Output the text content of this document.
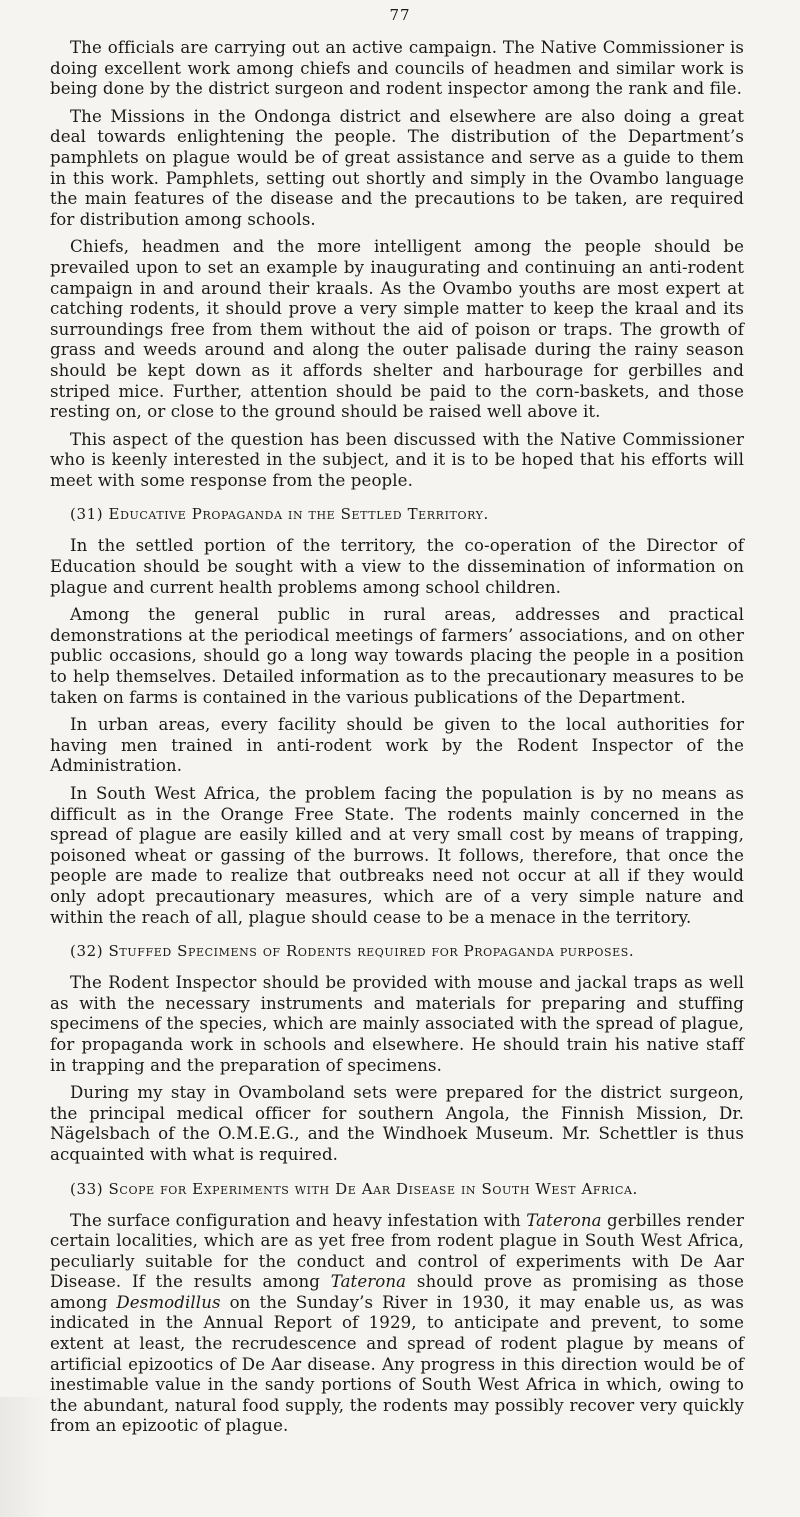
77

The officials are carrying out an active campaign. The Native Commissioner is doing excellent work among chiefs and councils of headmen and similar work is being done by the district surgeon and rodent inspector among the rank and file.

The Missions in the Ondonga district and elsewhere are also doing a great deal towards enlightening the people. The distribution of the Department’s pamphlets on plague would be of great assistance and serve as a guide to them in this work. Pamphlets, setting out shortly and simply in the Ovambo language the main features of the disease and the precautions to be taken, are required for distribution among schools.

Chiefs, headmen and the more intelligent among the people should be prevailed upon to set an example by inaugurating and continuing an anti-rodent campaign in and around their kraals. As the Ovambo youths are most expert at catching rodents, it should prove a very simple matter to keep the kraal and its surroundings free from them without the aid of poison or traps. The growth of grass and weeds around and along the outer palisade during the rainy season should be kept down as it affords shelter and harbourage for gerbilles and striped mice. Further, attention should be paid to the corn-baskets, and those resting on, or close to the ground should be raised well above it.

This aspect of the question has been discussed with the Native Commissioner who is keenly interested in the subject, and it is to be hoped that his efforts will meet with some response from the people.

(31) Educative Propaganda in the Settled Territory.

In the settled portion of the territory, the co-operation of the Director of Education should be sought with a view to the dissemination of information on plague and current health problems among school children.

Among the general public in rural areas, addresses and practical demonstrations at the periodical meetings of farmers’ associations, and on other public occasions, should go a long way towards placing the people in a position to help themselves. Detailed information as to the precautionary measures to be taken on farms is contained in the various publications of the Department.

In urban areas, every facility should be given to the local authorities for having men trained in anti-rodent work by the Rodent Inspector of the Administration.

In South West Africa, the problem facing the population is by no means as difficult as in the Orange Free State. The rodents mainly concerned in the spread of plague are easily killed and at very small cost by means of trapping, poisoned wheat or gassing of the burrows. It follows, therefore, that once the people are made to realize that outbreaks need not occur at all if they would only adopt precautionary measures, which are of a very simple nature and within the reach of all, plague should cease to be a menace in the territory.

(32) Stuffed Specimens of Rodents required for Propaganda purposes.

The Rodent Inspector should be provided with mouse and jackal traps as well as with the necessary instruments and materials for preparing and stuffing specimens of the species, which are mainly associated with the spread of plague, for propaganda work in schools and elsewhere. He should train his native staff in trapping and the preparation of specimens.

During my stay in Ovamboland sets were prepared for the district surgeon, the principal medical officer for southern Angola, the Finnish Mission, Dr. Nägelsbach of the O.M.E.G., and the Windhoek Museum. Mr. Schettler is thus acquainted with what is required.

(33) Scope for Experiments with De Aar Disease in South West Africa.

The surface configuration and heavy infestation with Taterona gerbilles render certain localities, which are as yet free from rodent plague in South West Africa, peculiarly suitable for the conduct and control of experiments with De Aar Disease. If the results among Taterona should prove as promising as those among Desmodillus on the Sunday’s River in 1930, it may enable us, as was indicated in the Annual Report of 1929, to anticipate and prevent, to some extent at least, the recrudescence and spread of rodent plague by means of artificial epizootics of De Aar disease. Any progress in this direction would be of inestimable value in the sandy portions of South West Africa in which, owing to the abundant, natural food supply, the rodents may possibly recover very quickly from an epizootic of plague.
